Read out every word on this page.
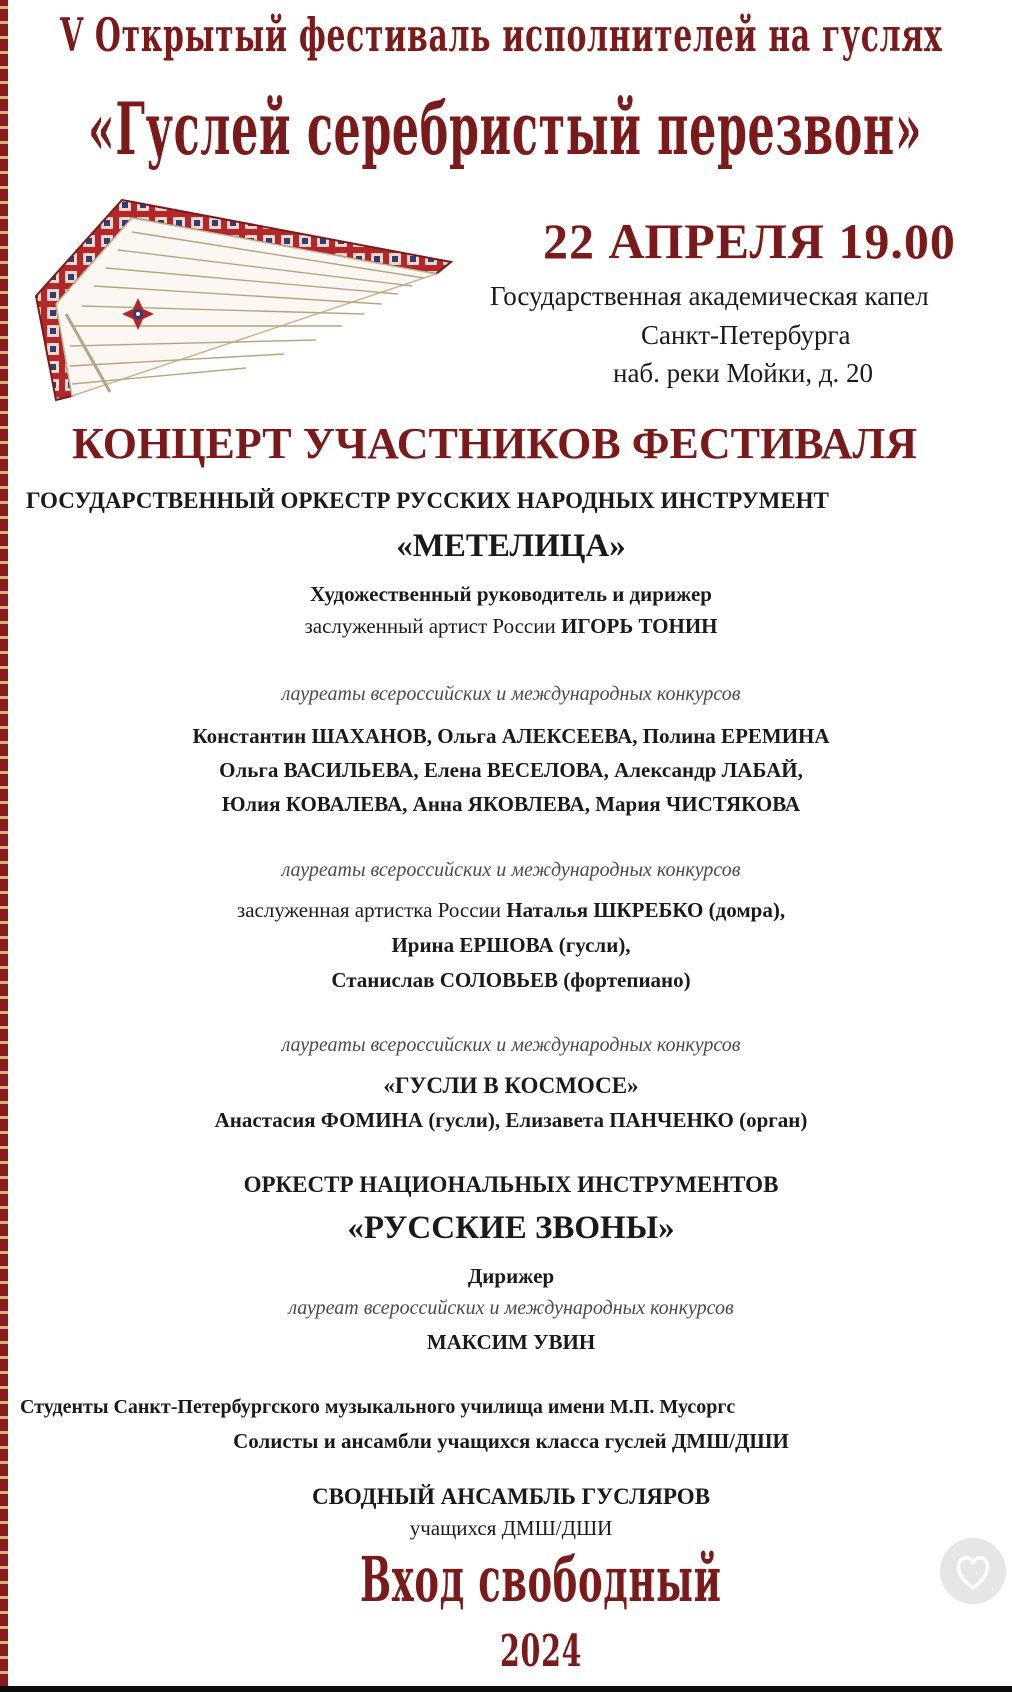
V Открытый фестиваль исполнителей на гуслях
«Гуслей серебристый перезвон»
22 АПРЕЛЯ 19.00
Государственная академическая капел
Санкт-Петербурга
наб. реки Мойки, д. 20
КОНЦЕРТ УЧАСТНИКОВ ФЕСТИВАЛЯ
ГОСУДАРСТВЕННЫЙ ОРКЕСТР РУССКИХ НАРОДНЫХ ИНСТРУМЕНТ
«МЕТЕЛИЦА»
Художественный руководитель и дирижер
заслуженный артист России ИГОРЬ ТОНИН
лауреаты всероссийских и международных конкурсов
Константин ШАХАНОВ, Ольга АЛЕКСЕЕВА, Полина ЕРЕМИНА
Ольга ВАСИЛЬЕВА, Елена ВЕСЕЛОВА, Александр ЛАБАЙ,
Юлия КОВАЛЕВА, Анна ЯКОВЛЕВА, Мария ЧИСТЯКОВА
лауреаты всероссийских и международных конкурсов
заслуженная артистка России Наталья ШКРЕБКО (домра),
Ирина ЕРШОВА (гусли),
Станислав СОЛОВЬЕВ (фортепиано)
лауреаты всероссийских и международных конкурсов
«ГУСЛИ В КОСМОСЕ»
Анастасия ФОМИНА (гусли), Елизавета ПАНЧЕНКО (орган)
ОРКЕСТР НАЦИОНАЛЬНЫХ ИНСТРУМЕНТОВ
«РУССКИЕ ЗВОНЫ»
Дирижер
лауреат всероссийских и международных конкурсов
МАКСИМ УВИН
Студенты Санкт-Петербургского музыкального училища имени М.П. Мусоргс
Солисты и ансамбли учащихся класса гуслей ДМШ/ДШИ
СВОДНЫЙ АНСАМБЛЬ ГУСЛЯРОВ
учащихся ДМШ/ДШИ
Вход свободный
2024
